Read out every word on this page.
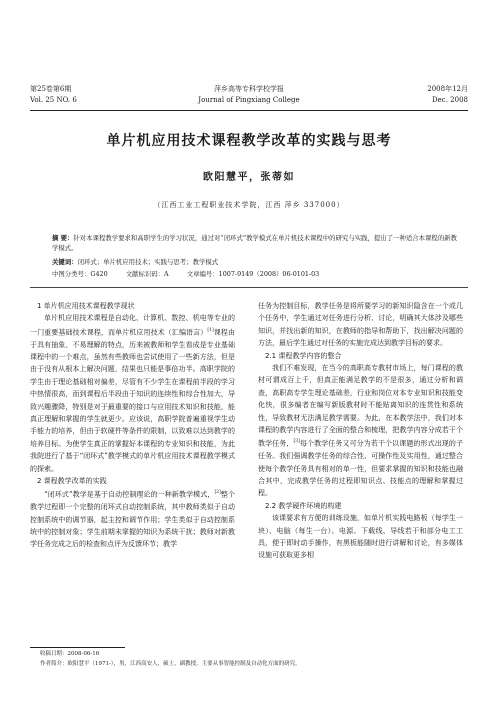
第25卷第6期
Vol. 25 NO. 6
萍乡高等专科学校学报
Journal of Pingxiang College
2008年12月
Dec. 2008
单片机应用技术课程教学改革的实践与思考
欧阳慧平，张蒂如
（江西工业工程职业技术学院，江西 萍乡 337000）
摘 要：针对本课程教学要求和高职学生的学习状况，通过对“闭环式”教学模式在单片机技术课程中的研究与实践，提出了一种适合本课程的新教学模式。
关键词：闭环式；单片机应用技术；实践与思考；教学模式
中图分类号：G420	文献标识码：A	文章编号：1007-9149（2008）06-0101-03
1 单片机应用技术课程教学现状

单片机应用技术课程是自动化、计算机、数控、机电等专业的一门重要基础技术课程，而单片机应用技术（汇编语言）[1]课程由于具有抽象、不易理解的特点，历来被教师和学生看成是专业基础课程中的一个难点，虽然有些教师也尝试使用了一些新方法，但是由于没有从根本上解决问题，结果也只能是事倍功半。高职学院的学生由于理论基础相对偏差，尽管有不少学生在课程前半段的学习中热情很高，而到课程后半段由于知识的连续性和综合性加大，导致兴趣骤降，特别是对于最重要的接口与应用技术知识和技能，能真正理解和掌握的学生就更少。应该说，高职学院普遍重视学生动手能力的培养，但由于软硬件等条件的限制，以致难以达到教学的培养目标。为使学生真正的掌握好本课程的专业知识和技能，为此我院进行了基于“闭环式”教学模式的单片机应用技术课程教学模式的探索。

2 课程教学改革的实践

“闭环式”教学是基于自动控制理论的一种新教学模式，[2]整个教学过程即一个完整的闭环式自动控制系统，其中教师类似于自动控制系统中的调节器，起主控和调节作用；学生类似于自动控制系统中的控制对象；学生前期未掌握的知识为系统干扰；教师对新教学任务完成之后的检查和点评为反馈环节；教学

任务为控制目标，教学任务是将所要学习的新知识隐含在一个或几个任务中，学生通过对任务进行分析、讨论，明确其大体涉及哪些知识，并找出新的知识，在教师的指导和帮助下，找出解决问题的方法，最后学生通过对任务的实施完成达到教学目标的要求。

2.1 课程教学内容的整合

我们不难发现，在当今的高职高专教材市场上，每门课程的教材可谓成百上千，但真正能满足教学的不是很多，通过分析和调查，高职高专学生理论基础差，行业和岗位对本专业知识和技能变化快，很多编者在编写新版教材时不能贴离知识的连贯性和系统性，导致教材无法满足教学需要。为此，在本教学法中，我们对本课程的教学内容进行了全面的整合和梳理，把教学内容分成若干个教学任务，[3]每个教学任务又可分为若干个以课题的形式出现的子任务。我们强调教学任务的综合性、可操作性及实用性，通过整合使每个教学任务具有相对的单一性，但要求掌握的知识和技能也融合其中，完成教学任务的过程即知识点、技能点的理解和掌握过程。

2.2 教学硬件环境的构建

该课要求有方便的训练设施，如单片机实践电路板（每学生一块）、电脑（每生一台）、电源、下载线、导线若干和部分电工工具，便于即时动手操作，有黑板能随时进行讲解和讨论，有多媒体设施可获取更多相

收稿日期：2008-06-16
作者简介：欧阳慧平（1971-），男，江西高安人，硕士，副教授，主要从事智能控制及自动化方面的研究。
